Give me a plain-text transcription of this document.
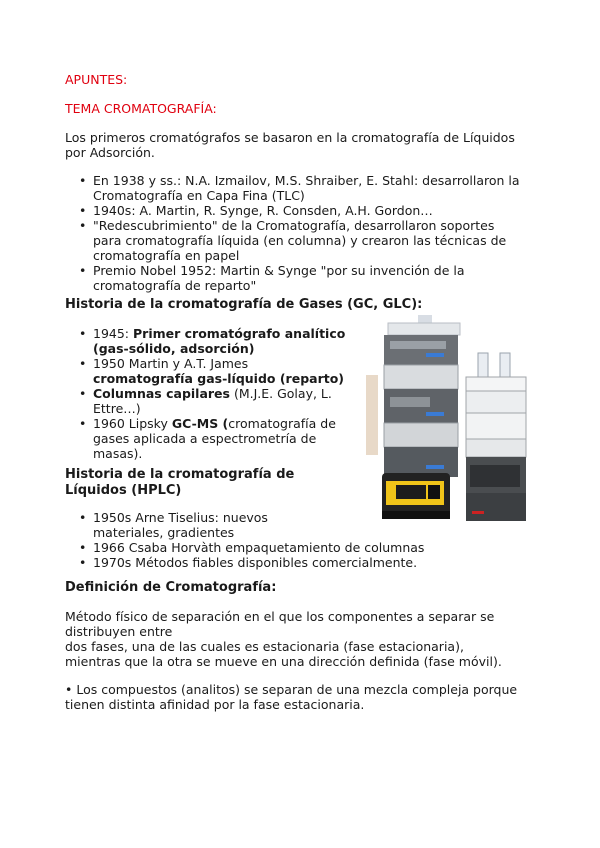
APUNTES:

TEMA CROMATOGRAFÍA:

Los primeros cromatógrafos se basaron en la cromatografía de Líquidos por Adsorción.

• En 1938 y ss.: N.A. Izmailov, M.S. Shraiber, E. Stahl: desarrollaron la Cromatografía en Capa Fina (TLC)
• 1940s: A. Martin, R. Synge, R. Consden, A.H. Gordon…
• "Redescubrimiento" de la Cromatografía, desarrollaron soportes para cromatografía líquida (en columna) y crearon las técnicas de cromatografía en papel
• Premio Nobel 1952: Martin & Synge "por su invención de la cromatografía de reparto"
Historia de la cromatografía de Gases (GC, GLC):
• 1945: Primer cromatógrafo analítico (gas-sólido, adsorción)
• 1950 Martin y A.T. James cromatografía gas-líquido (reparto)
• Columnas capilares (M.J.E. Golay, L. Ettre…)
• 1960 Lipsky GC-MS (cromatografía de gases aplicada a espectrometría de masas).
Historia de la cromatografía de Líquidos (HPLC)
• 1950s Arne Tiselius: nuevos materiales, gradientes
• 1966 Csaba Horvàth empaquetamiento de columnas
• 1970s Métodos fiables disponibles comercialmente.
Definición de Cromatografía:

Método físico de separación en el que los componentes a separar se distribuyen entre

dos fases, una de las cuales es estacionaria (fase estacionaria), mientras que la otra se mueve en una dirección definida (fase móvil).

• Los compuestos (analitos) se separan de una mezcla compleja porque tienen distinta afinidad por la fase estacionaria.
